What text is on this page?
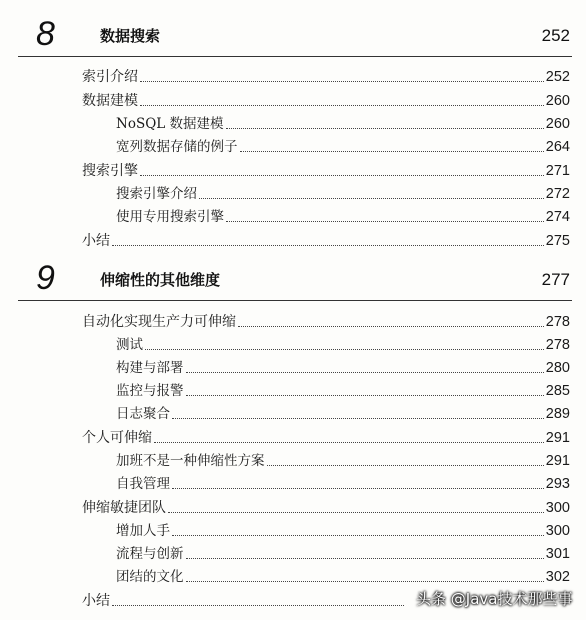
8	数据搜索	252
索引介绍	252
数据建模	260
NoSQL 数据建模	260
宽列数据存储的例子	264
搜索引擎	271
搜索引擎介绍	272
使用专用搜索引擎	274
小结	275
9	伸缩性的其他维度	277
自动化实现生产力可伸缩	278
测试	278
构建与部署	280
监控与报警	285
日志聚合	289
个人可伸缩	291
加班不是一种伸缩性方案	291
自我管理	293
伸缩敏捷团队	300
增加人手	300
流程与创新	301
团结的文化	302
小结	头条 @Java技术那些事
